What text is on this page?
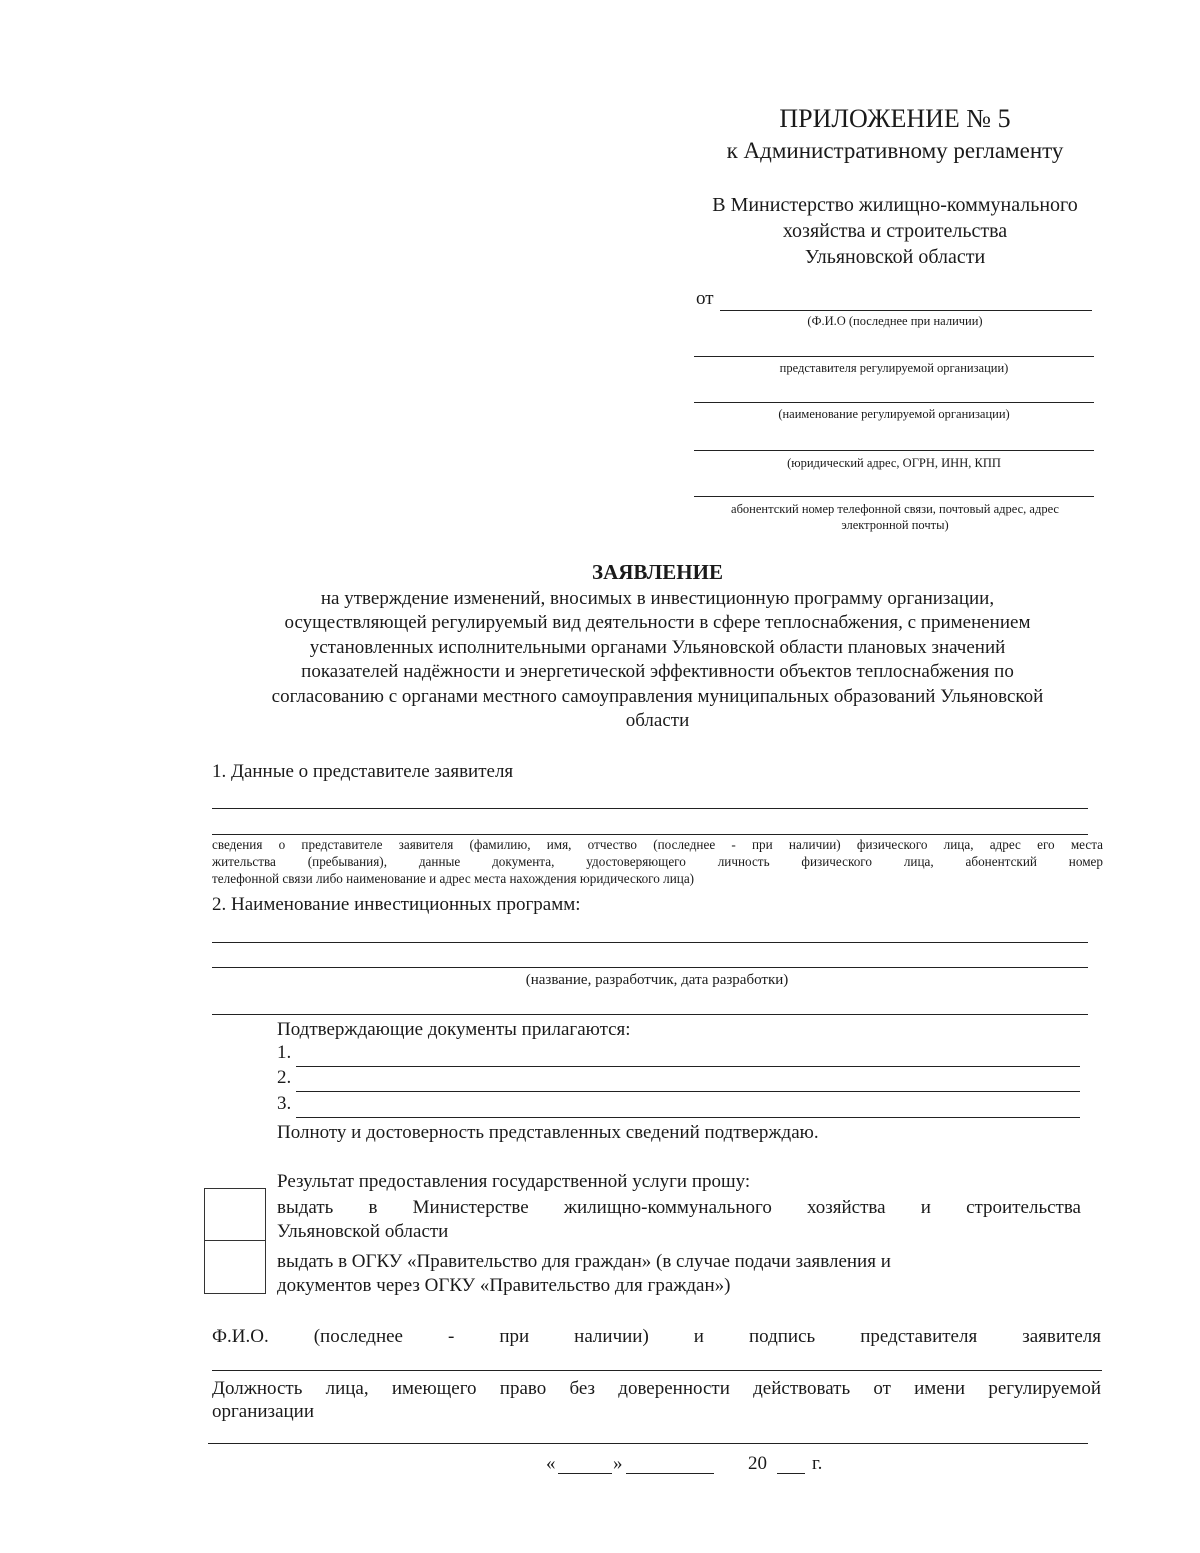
ПРИЛОЖЕНИЕ № 5
к Административному регламенту
В Министерство жилищно-коммунального
хозяйства и строительства
Ульяновской области
от
(Ф.И.О (последнее при наличии)
представителя регулируемой организации)
(наименование регулируемой организации)
(юридический адрес, ОГРН, ИНН, КПП
абонентский номер телефонной связи, почтовый адрес, адрес
электронной почты)
ЗАЯВЛЕНИЕ
на утверждение изменений, вносимых в инвестиционную программу организации,
осуществляющей регулируемый вид деятельности в сфере теплоснабжения, с применением
установленных исполнительными органами Ульяновской области плановых значений
показателей надёжности и энергетической эффективности объектов теплоснабжения по
согласованию с органами местного самоуправления муниципальных образований Ульяновской
области
1. Данные о представителе заявителя
сведения о представителе заявителя (фамилию, имя, отчество (последнее - при наличии) физического лица, адрес его места
жительства (пребывания), данные документа, удостоверяющего личность физического лица, абонентский номер
телефонной связи либо наименование и адрес места нахождения юридического лица)
2. Наименование инвестиционных программ:
(название, разработчик, дата разработки)
Подтверждающие документы прилагаются:
1.
2.
3.
Полноту и достоверность представленных сведений подтверждаю.
Результат предоставления государственной услуги прошу:
выдать в Министерстве жилищно-коммунального хозяйства и строительства
Ульяновской области
выдать в ОГКУ «Правительство для граждан» (в случае подачи заявления и
документов через ОГКУ «Правительство для граждан»)
Ф.И.О. (последнее - при наличии) и подпись представителя заявителя
Должность лица, имеющего право без доверенности действовать от имени регулируемой
организации
«	»	20 г.
